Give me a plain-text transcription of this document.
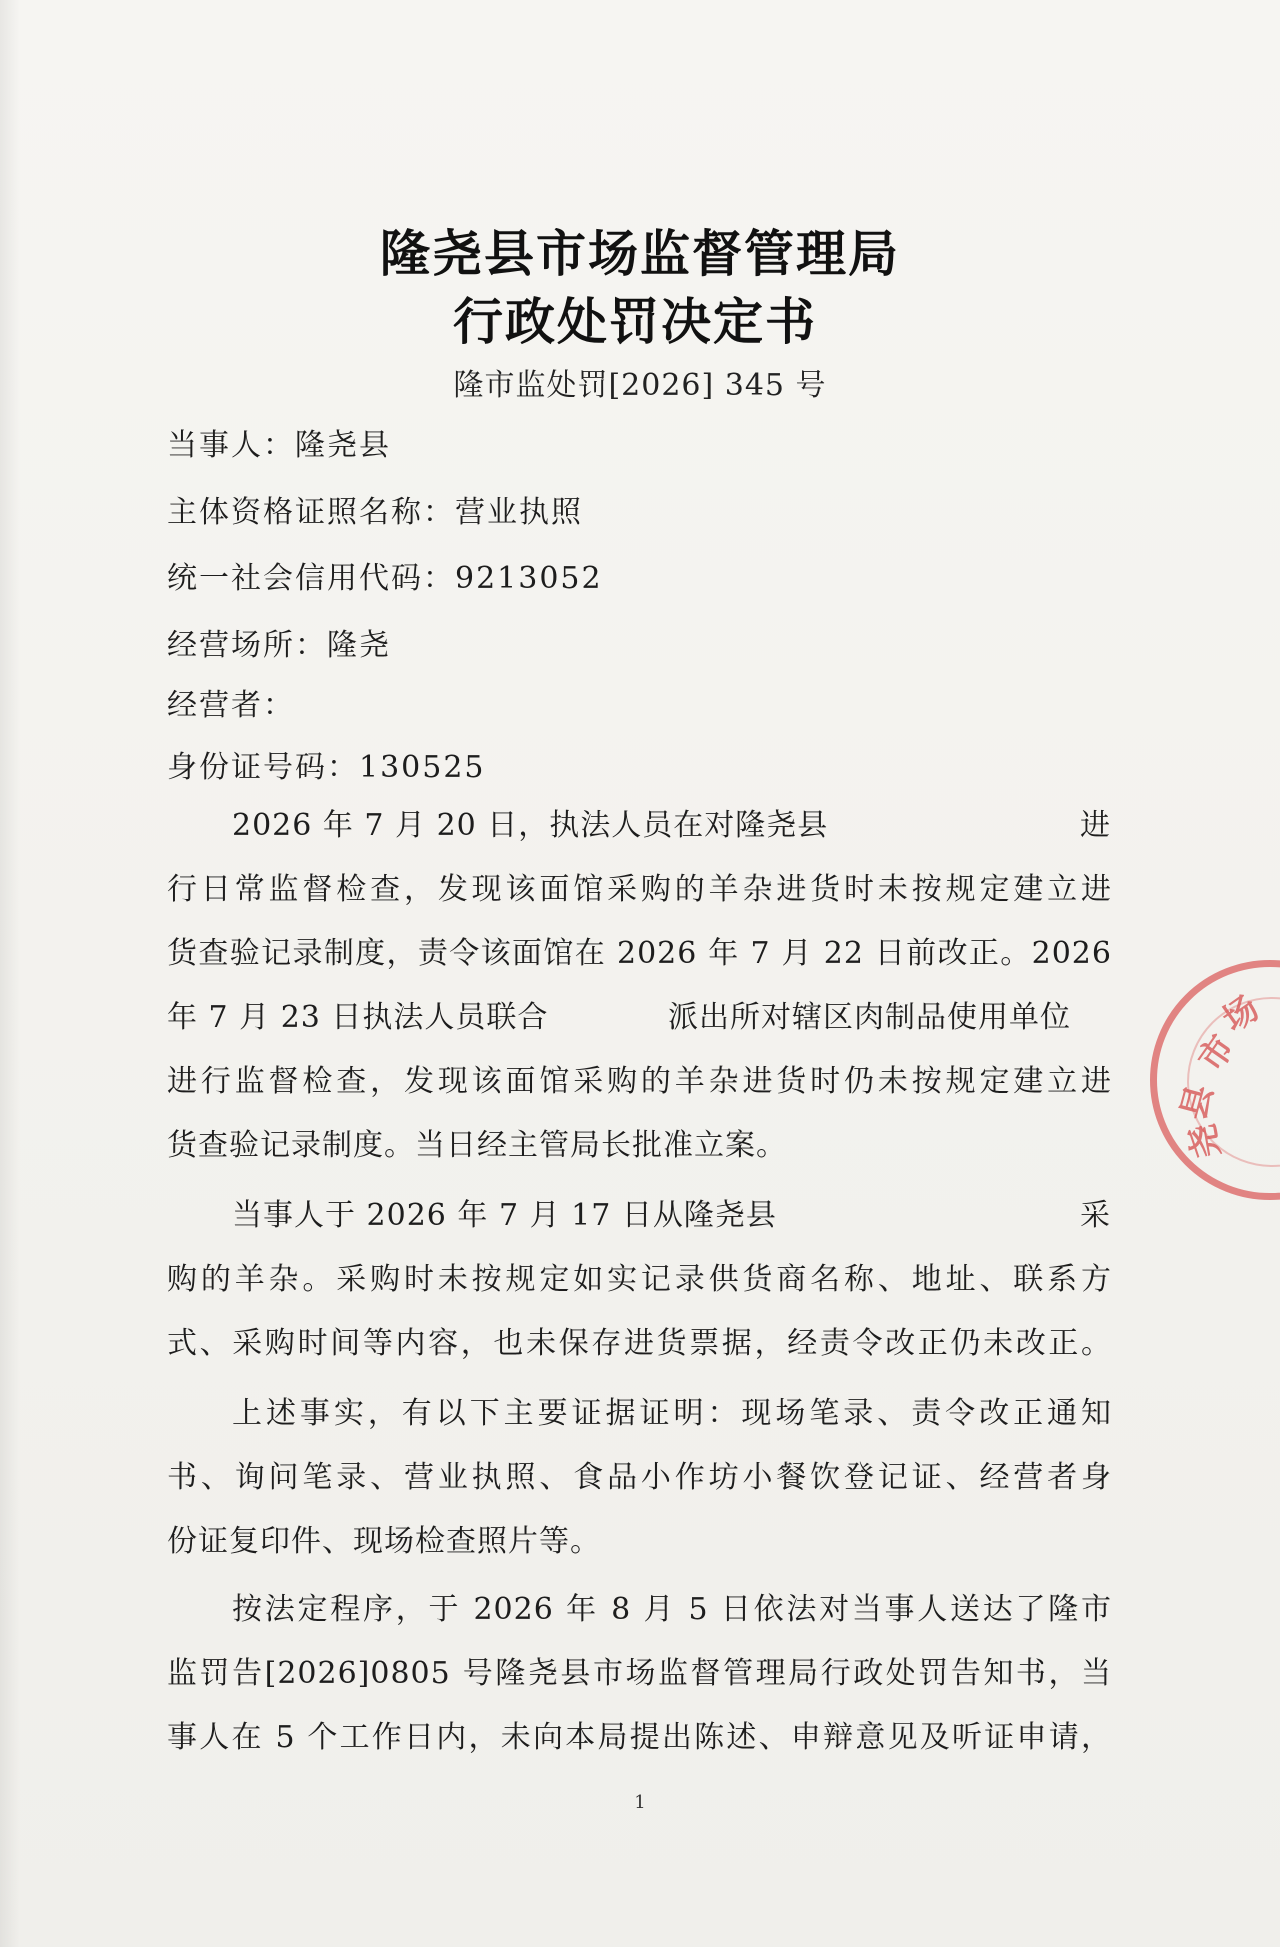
隆尧县市场监督管理局
行政处罚决定书
隆市监处罚[2026] 345 号
当事人：隆尧县
主体资格证照名称：营业执照
统一社会信用代码：9213052
经营场所：隆尧
经营者：
身份证号码：130525
2026 年 7 月 20 日，执法人员在对隆尧县	进
行日常监督检查，发现该面馆采购的羊杂进货时未按规定建立进
货查验记录制度，责令该面馆在 2026 年 7 月 22 日前改正。2026
年 7 月 23 日执法人员联合	派出所对辖区肉制品使用单位
进行监督检查，发现该面馆采购的羊杂进货时仍未按规定建立进
货查验记录制度。当日经主管局长批准立案。
当事人于 2026 年 7 月 17 日从隆尧县	采
购的羊杂。采购时未按规定如实记录供货商名称、地址、联系方
式、采购时间等内容，也未保存进货票据，经责令改正仍未改正。
上述事实，有以下主要证据证明：现场笔录、责令改正通知
书、询问笔录、营业执照、食品小作坊小餐饮登记证、经营者身
份证复印件、现场检查照片等。
按法定程序，于 2026 年 8 月 5 日依法对当事人送达了隆市
监罚告[2026]0805 号隆尧县市场监督管理局行政处罚告知书，当
事人在 5 个工作日内，未向本局提出陈述、申辩意见及听证申请，
1
尧
县
市
场
